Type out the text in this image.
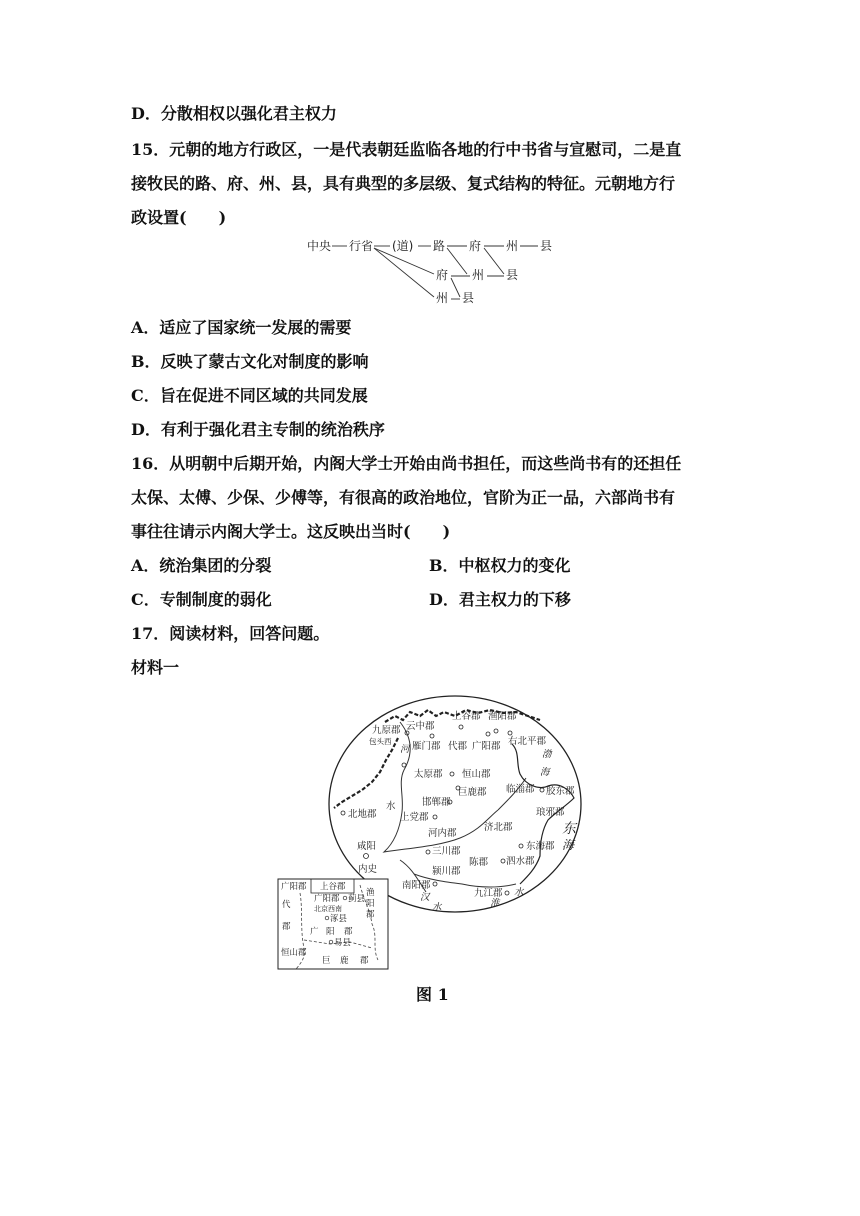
D．分散相权以强化君主权力
15．元朝的地方行政区，一是代表朝廷监临各地的行中书省与宣慰司，二是直
接牧民的路、府、州、县，具有典型的多层级、复式结构的特征。元朝地方行
政设置(　　)
中央 行省 (道) 路 府 州 县
府 州 县
州 县
A．适应了国家统一发展的需要
B．反映了蒙古文化对制度的影响
C．旨在促进不同区域的共同发展
D．有利于强化君主专制的统治秩序
16．从明朝中后期开始，内阁大学士开始由尚书担任，而这些尚书有的还担任
太保、太傅、少保、少傅等，有很高的政治地位，官阶为正一品，六部尚书有
事往往请示内阁大学士。这反映出当时(　　)
A．统治集团的分裂	B．中枢权力的变化
C．专制制度的弱化	D．君主权力的下移
17．阅读材料，回答问题。
材料一
上谷郡 渔阳郡
九原郡
包头西
云中郡
雁门郡 代郡 广阳郡 右北平郡
河	渤
海
太原郡 恒山郡
巨鹿郡
邯郸郡
临淄郡 胶东郡
水
北地郡 上党郡
济北郡
琅邪郡
河内郡	东
海
咸阳	三川郡	东海郡
内史
陈郡 泗水郡
颍川郡
南阳郡
九江郡
汉
水	淮
水
广阳郡 上谷郡
广阳郡 蓟县
渔
阳
郡
北京西南
代
涿县
郡 广 阳 郡
易县
恒山郡
巨 鹿 郡
图 1
